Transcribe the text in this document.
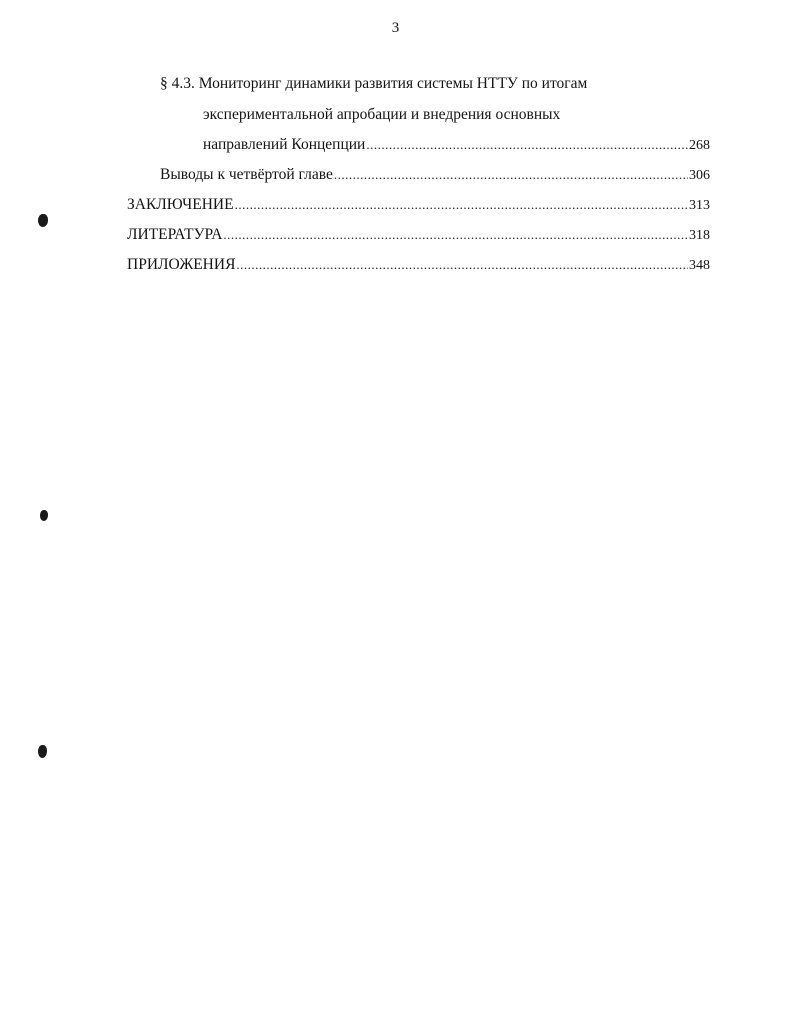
3
§ 4.3. Мониторинг динамики развития системы НТТУ по итогам
экспериментальной апробации и внедрения основных
направлений Концепции .....	268
Выводы к четвёртой главе .....	306
ЗАКЛЮЧЕНИЕ .....	313
ЛИТЕРАТУРА .....	318
ПРИЛОЖЕНИЯ .....	348
